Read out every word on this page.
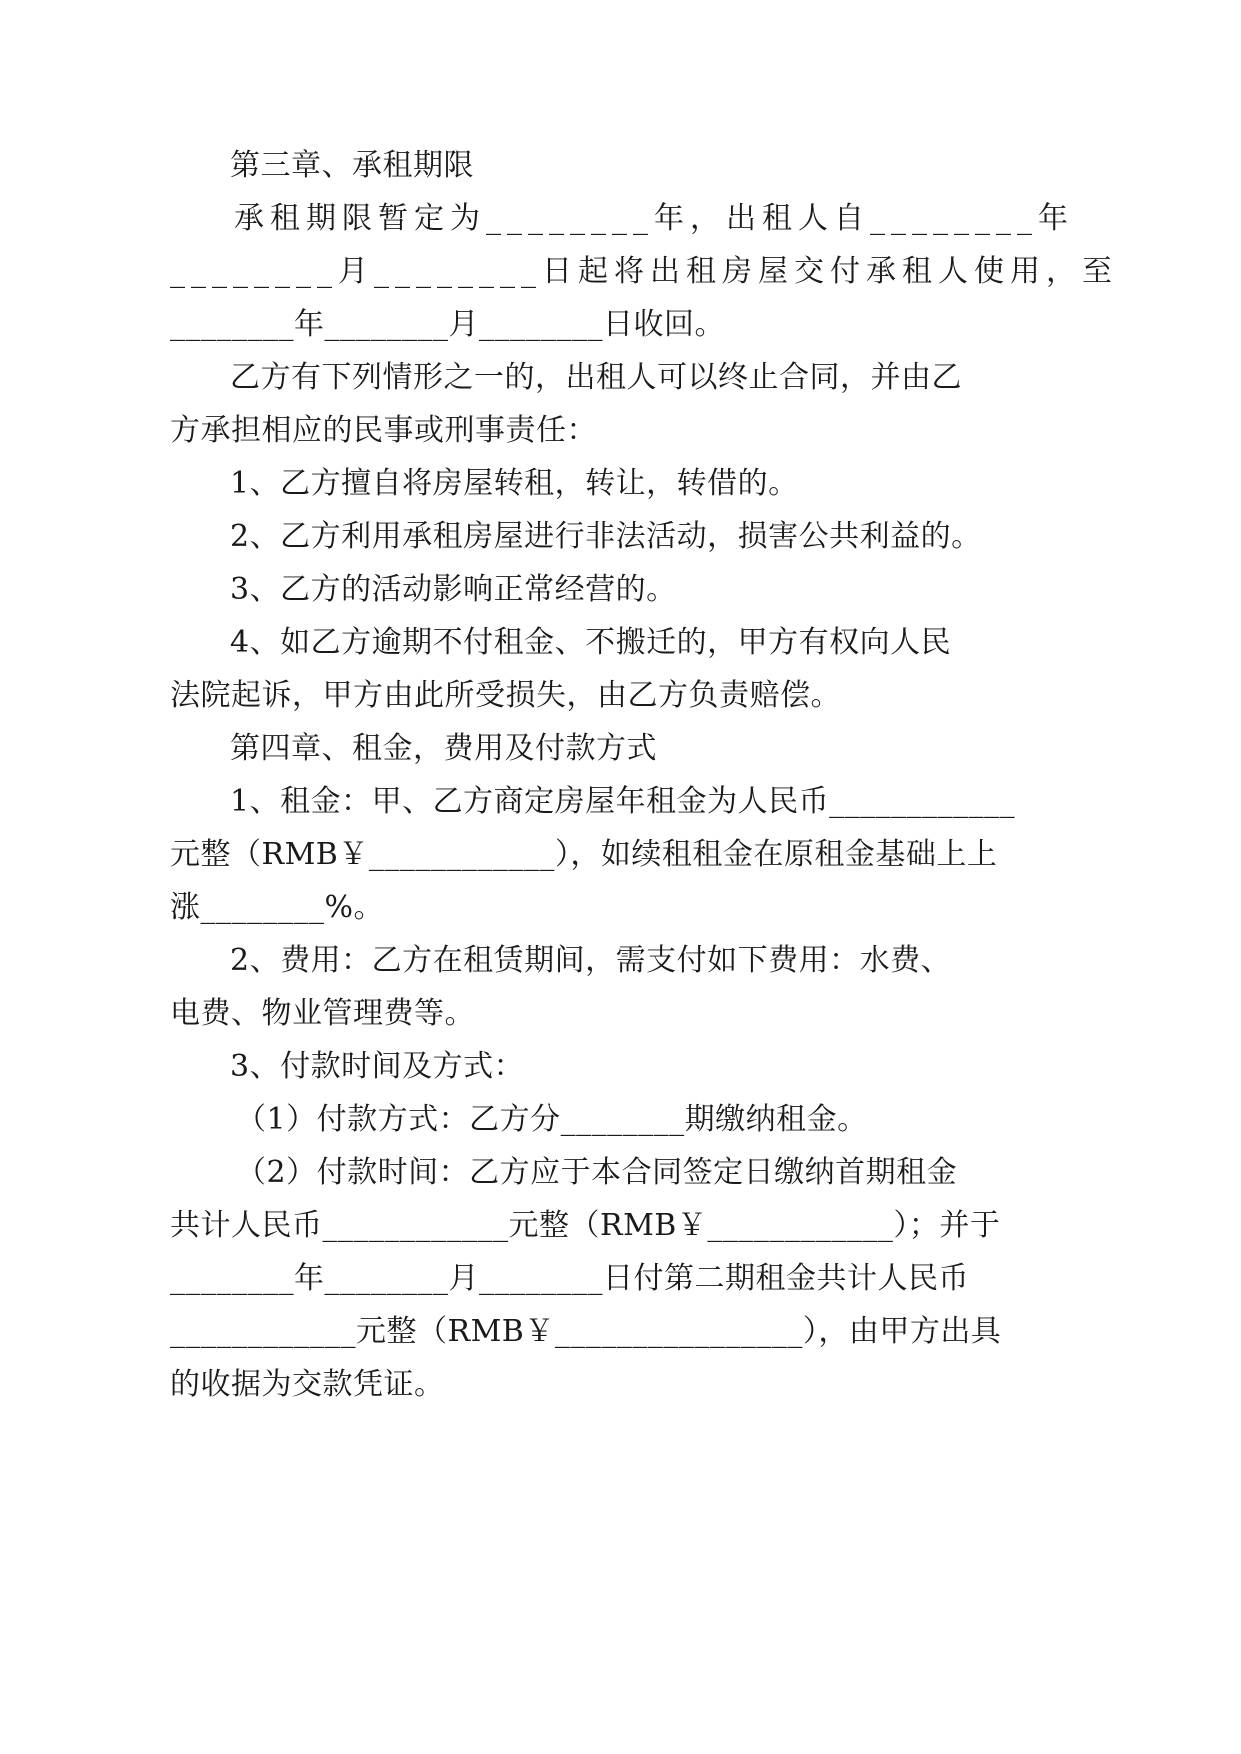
第三章、承租期限
承租期限暂定为________年，出租人自________年
________月________日起将出租房屋交付承租人使用，至
________年________月________日收回。
乙方有下列情形之一的，出租人可以终止合同，并由乙
方承担相应的民事或刑事责任：
1、乙方擅自将房屋转租，转让，转借的。
2、乙方利用承租房屋进行非法活动，损害公共利益的。
3、乙方的活动影响正常经营的。
4、如乙方逾期不付租金、不搬迁的，甲方有权向人民
法院起诉，甲方由此所受损失，由乙方负责赔偿。
第四章、租金，费用及付款方式
1、租金：甲、乙方商定房屋年租金为人民币____________
元整（RMB￥____________），如续租租金在原租金基础上上
涨________%。
2、费用：乙方在租赁期间，需支付如下费用：水费、
电费、物业管理费等。
3、付款时间及方式：
（1）付款方式：乙方分________期缴纳租金。
（2）付款时间：乙方应于本合同签定日缴纳首期租金
共计人民币____________元整（RMB￥____________）；并于
________年________月________日付第二期租金共计人民币
____________元整（RMB￥________________），由甲方出具
的收据为交款凭证。
